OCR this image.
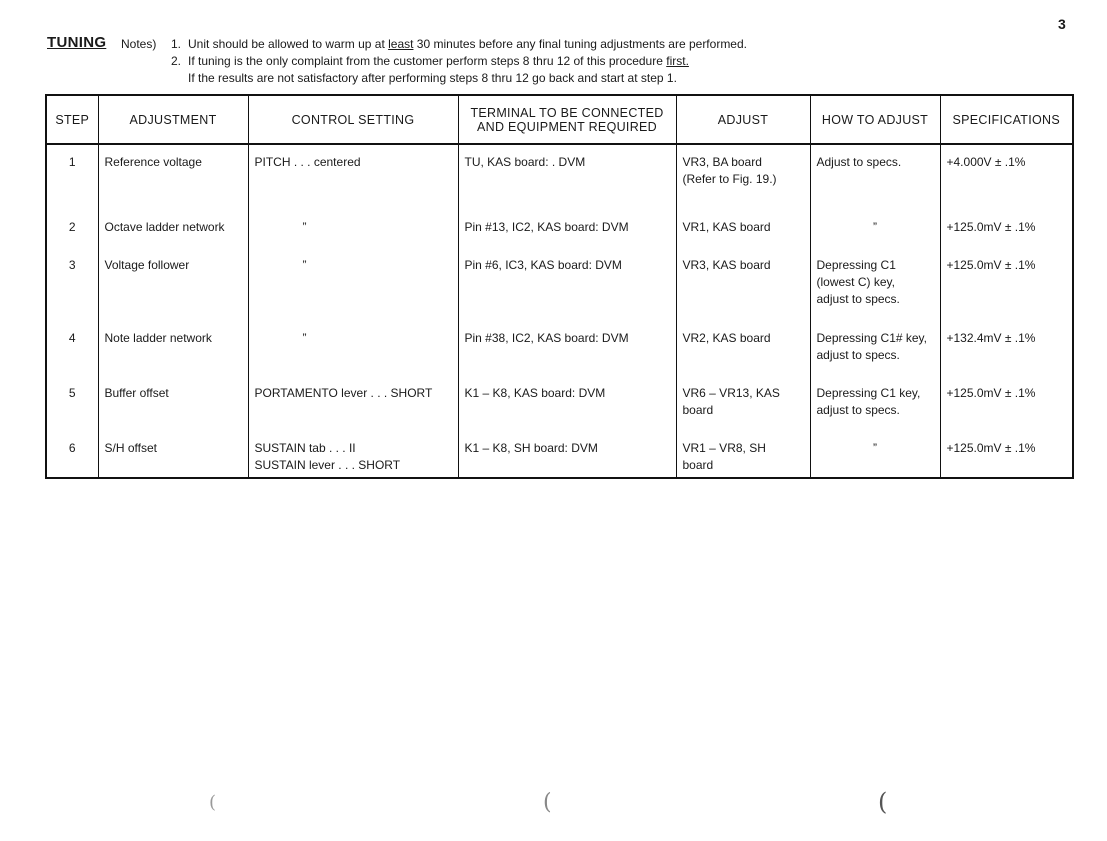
3
TUNING Notes) 1. Unit should be allowed to warm up at least 30 minutes before any final tuning adjustments are performed.
2. If tuning is the only complaint from the customer perform steps 8 thru 12 of this procedure first.
If the results are not satisfactory after performing steps 8 thru 12 go back and start at step 1.
STEP	ADJUSTMENT	CONTROL SETTING	TERMINAL TO BE CONNECTED
AND EQUIPMENT REQUIRED	ADJUST	HOW TO ADJUST	SPECIFICATIONS
1	Reference voltage	PITCH . . . centered	TU, KAS board: . DVM	VR3, BA board
(Refer to Fig. 19.)	Adjust to specs.	+4.000V ± .1%
2	Octave ladder network	”	Pin #13, IC2, KAS board: DVM	VR1, KAS board	”	+125.0mV ± .1%
3	Voltage follower	”	Pin #6, IC3, KAS board: DVM	VR3, KAS board	Depressing C1
(lowest C) key,
adjust to specs.	+125.0mV ± .1%
4	Note ladder network	”	Pin #38, IC2, KAS board: DVM	VR2, KAS board	Depressing C1# key,
adjust to specs.	+132.4mV ± .1%
5	Buffer offset	PORTAMENTO lever . . . SHORT	K1 – K8, KAS board: DVM	VR6 – VR13, KAS
board	Depressing C1 key,
adjust to specs.	+125.0mV ± .1%
6	S/H offset	SUSTAIN tab . . . II
SUSTAIN lever . . . SHORT	K1 – K8, SH board: DVM	VR1 – VR8, SH
board	”	+125.0mV ± .1%
(	(	(
